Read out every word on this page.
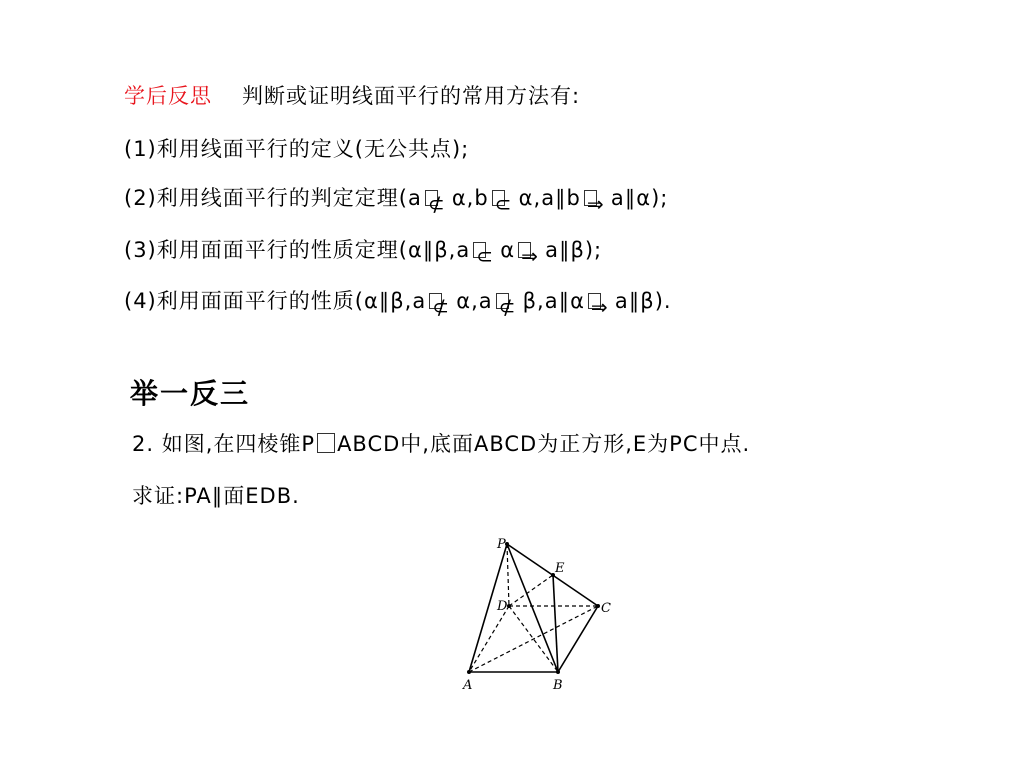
学后反思 判断或证明线面平行的常用方法有:
(1)利用线面平行的定义(无公共点);
(2)利用线面平行的判定定理(a ⊄ α,b ⊂ α,a∥b ⇒ a∥α);
(3)利用面面平行的性质定理(α∥β,a ⊂ α ⇒ a∥β);
(4)利用面面平行的性质(α∥β,a ⊄ α,a ⊄ β,a∥α ⇒ a∥β).
举一反三
2. 如图,在四棱锥P ABCD中,底面ABCD为正方形,E为PC中点.
求证:PA∥面EDB.
P
E
D	C
A	B
